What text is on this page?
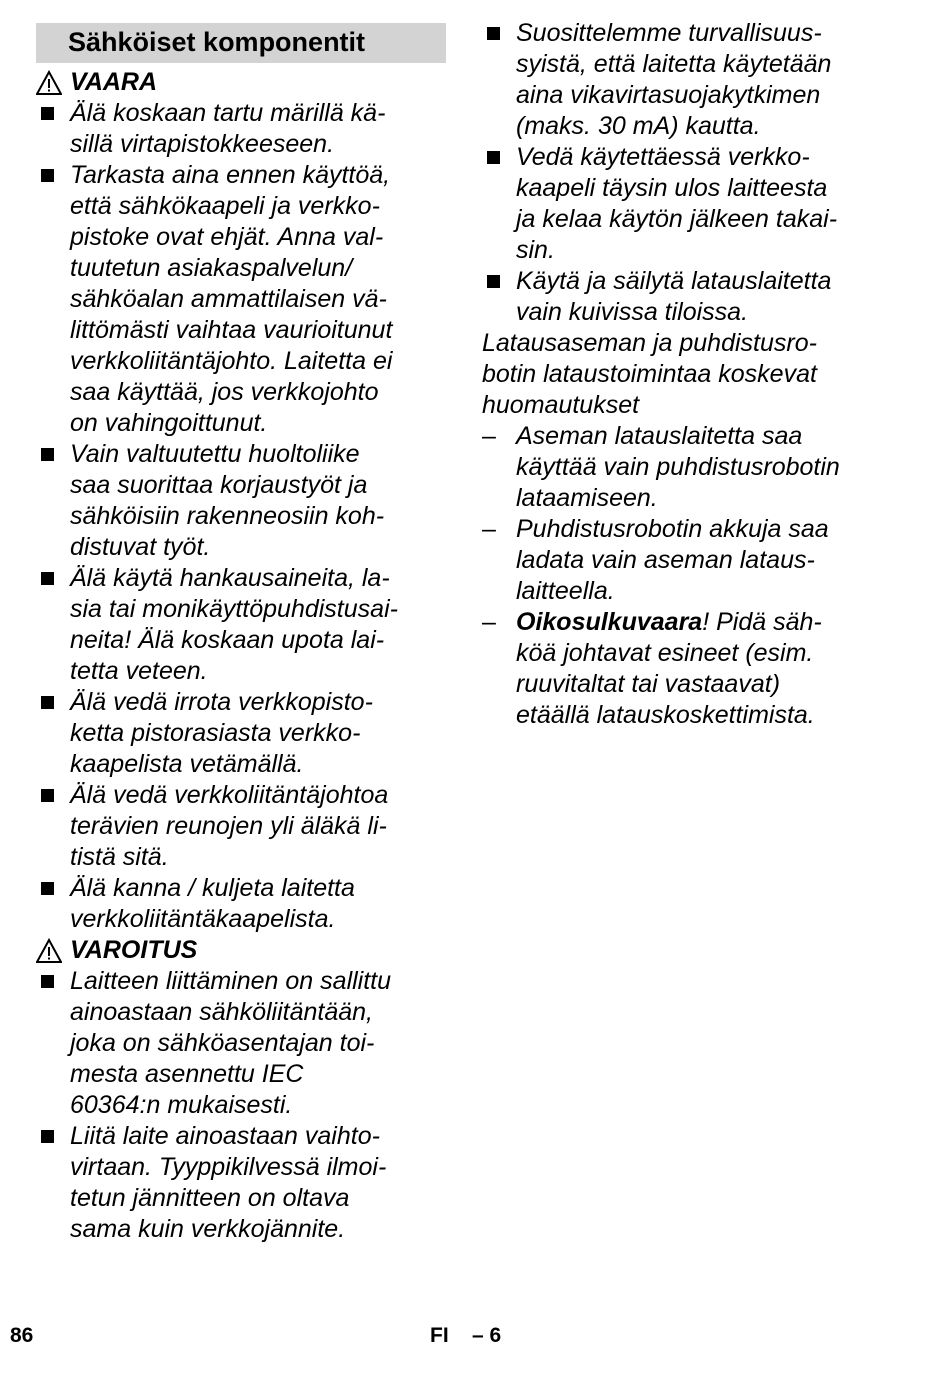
Sähköiset komponentit
VAARA
Älä koskaan tartu märillä kä-
sillä virtapistokkeeseen.
Tarkasta aina ennen käyttöä,
että sähkökaapeli ja verkko-
pistoke ovat ehjät. Anna val-
tuutetun asiakaspalvelun/
sähköalan ammattilaisen vä-
littömästi vaihtaa vaurioitunut
verkkoliitäntäjohto. Laitetta ei
saa käyttää, jos verkkojohto
on vahingoittunut.
Vain valtuutettu huoltoliike
saa suorittaa korjaustyöt ja
sähköisiin rakenneosiin koh-
distuvat työt.
Älä käytä hankausaineita, la-
sia tai monikäyttöpuhdistusai-
neita! Älä koskaan upota lai-
tetta veteen.
Älä vedä irrota verkkopisto-
ketta pistorasiasta verkko-
kaapelista vetämällä.
Älä vedä verkkoliitäntäjohtoa
terävien reunojen yli äläkä li-
tistä sitä.
Älä kanna / kuljeta laitetta
verkkoliitäntäkaapelista.
VAROITUS
Laitteen liittäminen on sallittu
ainoastaan sähköliitäntään,
joka on sähköasentajan toi-
mesta asennettu IEC
60364:n mukaisesti.
Liitä laite ainoastaan vaihto-
virtaan. Tyyppikilvessä ilmoi-
tetun jännitteen on oltava
sama kuin verkkojännite.
Suosittelemme turvallisuus-
syistä, että laitetta käytetään
aina vikavirtasuojakytkimen
(maks. 30 mA) kautta.
Vedä käytettäessä verkko-
kaapeli täysin ulos laitteesta
ja kelaa käytön jälkeen takai-
sin.
Käytä ja säilytä latauslaitetta
vain kuivissa tiloissa.
Latausaseman ja puhdistusro-
botin lataustoimintaa koskevat
huomautukset
– Aseman latauslaitetta saa
käyttää vain puhdistusrobotin
lataamiseen.
– Puhdistusrobotin akkuja saa
ladata vain aseman lataus-
laitteella.
– Oikosulkuvaara! Pidä säh-
köä johtavat esineet (esim.
ruuvitaltat tai vastaavat)
etäällä latauskoskettimista.
86	FI    – 6
